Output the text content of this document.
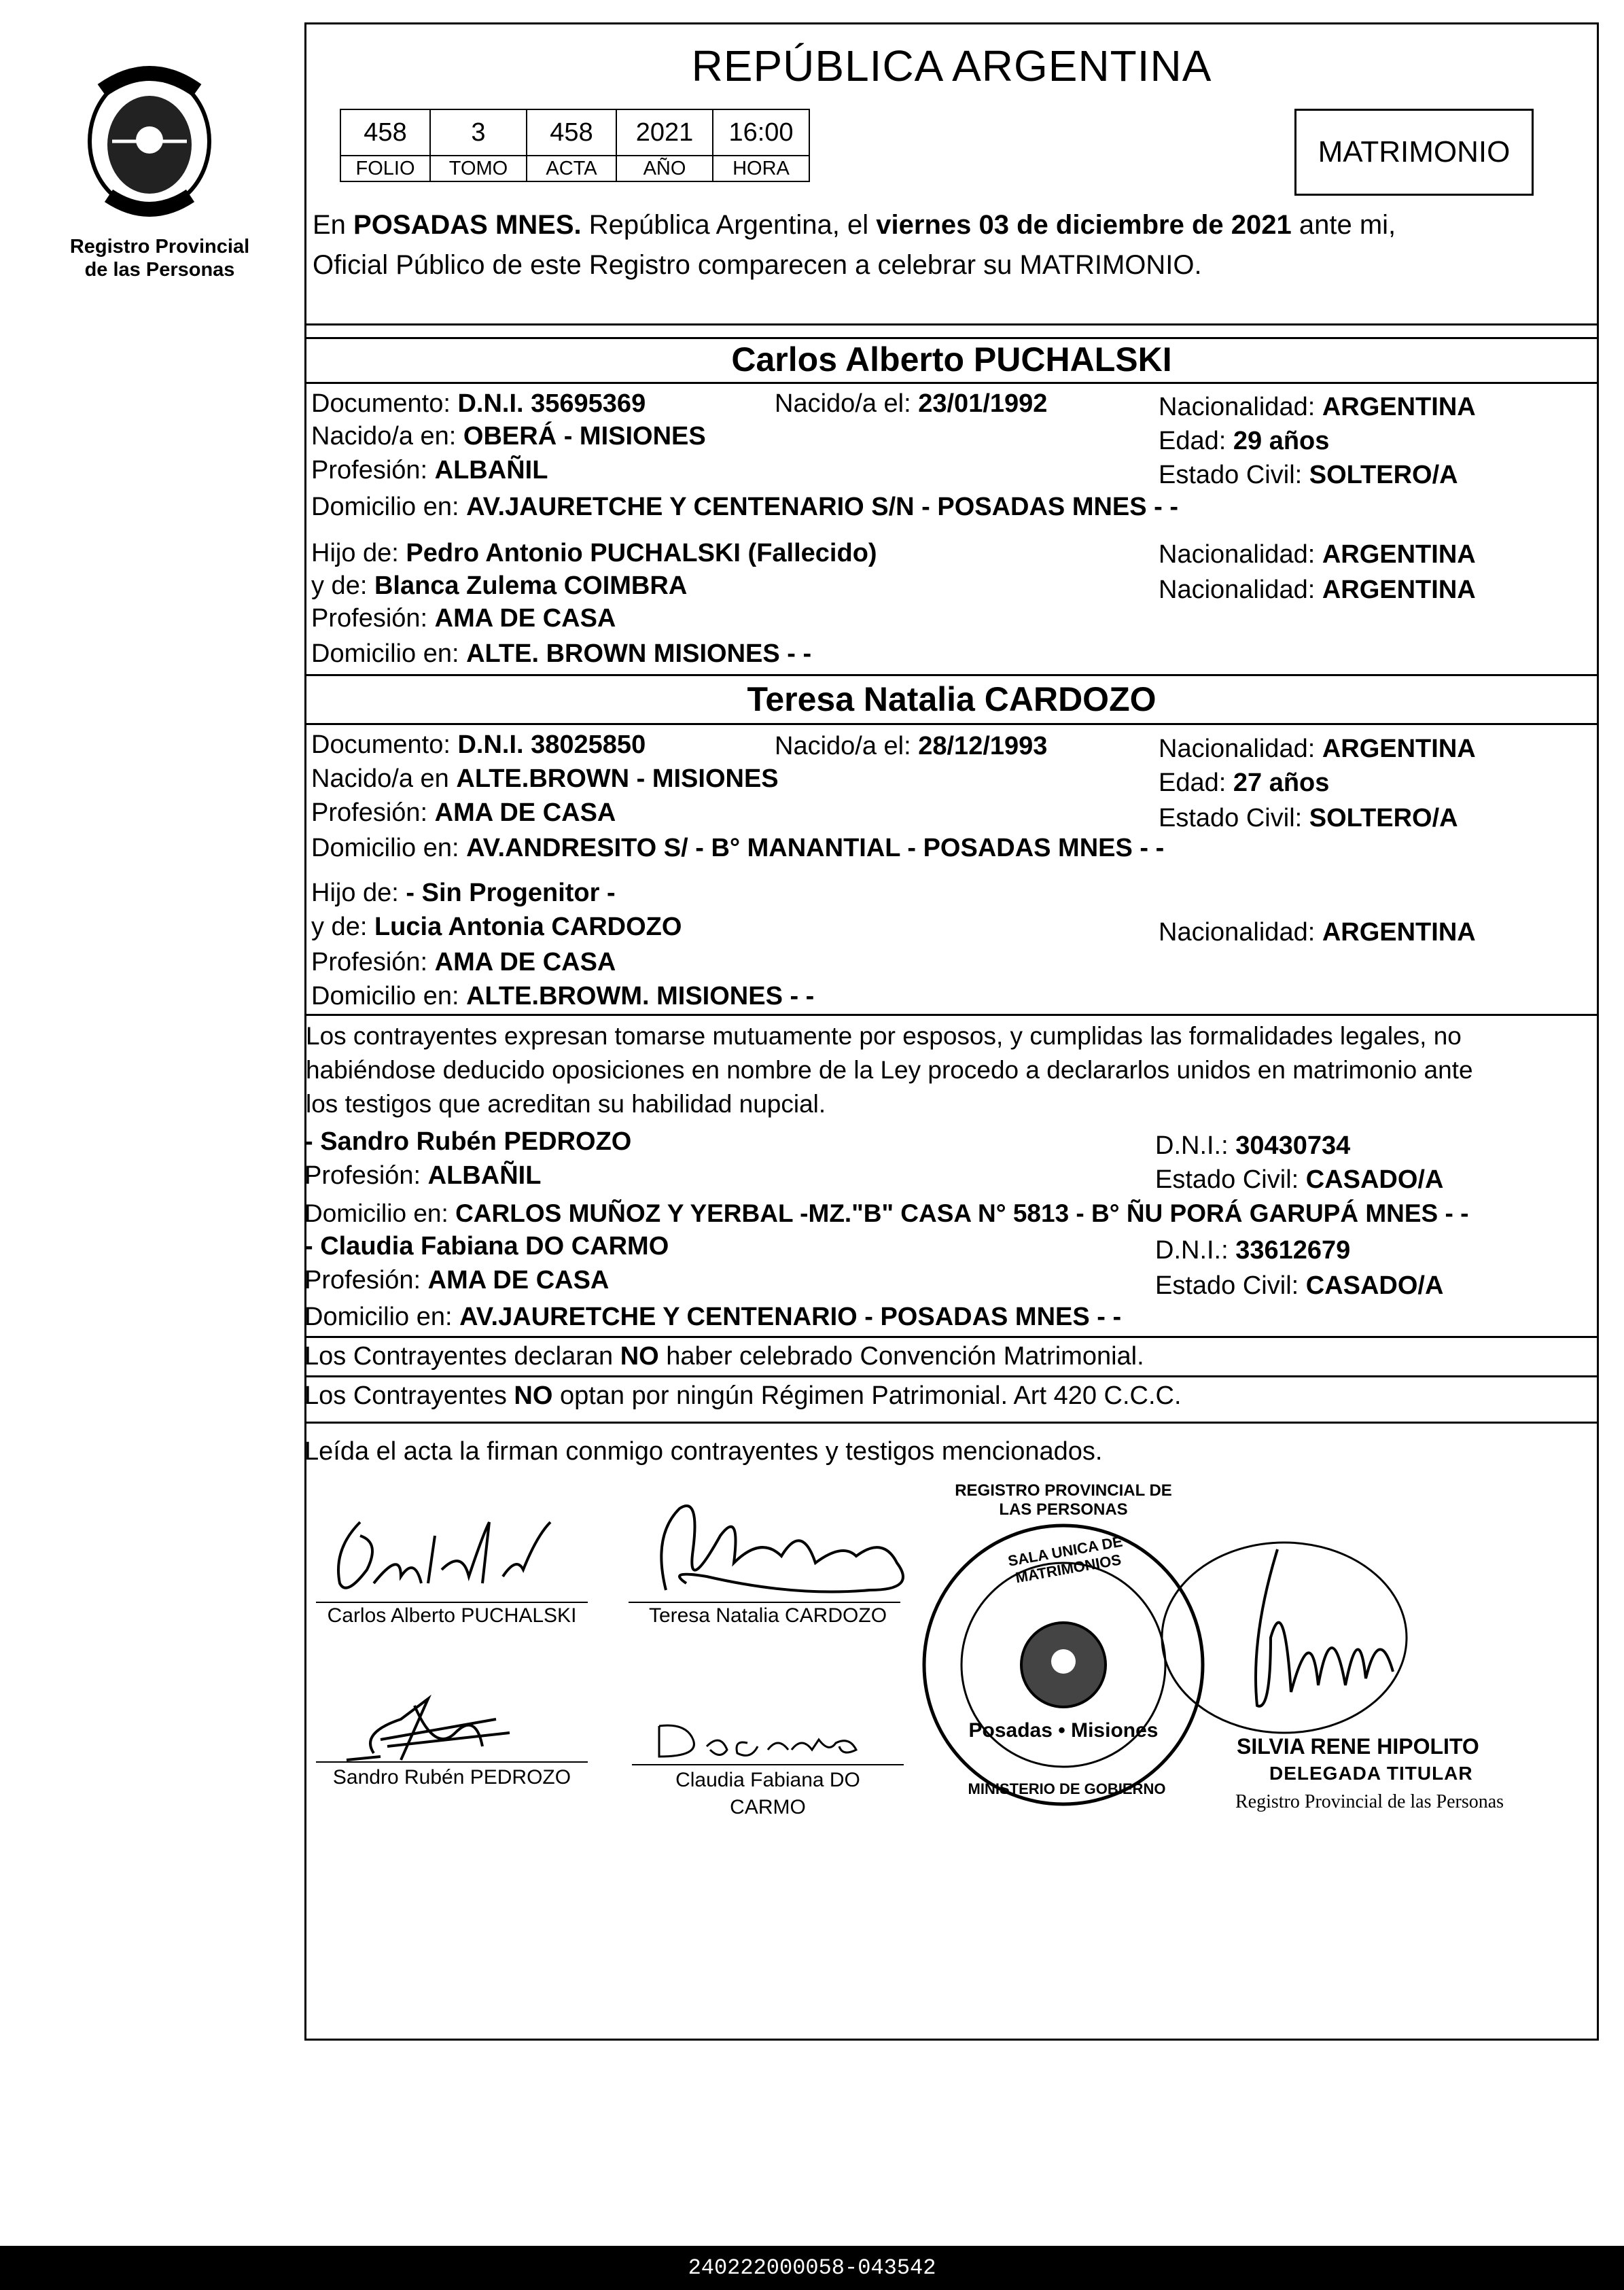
Registro Provincial
de las Personas
REPÚBLICA ARGENTINA
458	3	458	2021	16:00
FOLIO	TOMO	ACTA	AÑO	HORA	MATRIMONIO
En POSADAS MNES. República Argentina, el viernes 03 de diciembre de 2021 ante mi,
Oficial Público de este Registro comparecen a celebrar su MATRIMONIO.
Carlos Alberto PUCHALSKI
Documento: D.N.I. 35695369	Nacido/a el: 23/01/1992	Nacionalidad: ARGENTINA
Nacido/a en: OBERÁ - MISIONES	Edad: 29 años
Profesión: ALBAÑIL	Estado Civil: SOLTERO/A
Domicilio en: AV.JAURETCHE Y CENTENARIO S/N - POSADAS MNES - -
Hijo de: Pedro Antonio PUCHALSKI (Fallecido)	Nacionalidad: ARGENTINA
y de: Blanca Zulema COIMBRA	Nacionalidad: ARGENTINA
Profesión: AMA DE CASA
Domicilio en: ALTE. BROWN MISIONES - -
Teresa Natalia CARDOZO
Documento: D.N.I. 38025850	Nacido/a el: 28/12/1993	Nacionalidad: ARGENTINA
Nacido/a en ALTE.BROWN - MISIONES	Edad: 27 años
Profesión: AMA DE CASA	Estado Civil: SOLTERO/A
Domicilio en: AV.ANDRESITO S/ - B° MANANTIAL - POSADAS MNES - -
Hijo de: - Sin Progenitor -
y de: Lucia Antonia CARDOZO	Nacionalidad: ARGENTINA
Profesión: AMA DE CASA
Domicilio en: ALTE.BROWM. MISIONES - -
Los contrayentes expresan tomarse mutuamente por esposos, y cumplidas las formalidades legales, no
habiéndose deducido oposiciones en nombre de la Ley procedo a declararlos unidos en matrimonio ante
los testigos que acreditan su habilidad nupcial.
- Sandro Rubén PEDROZO	D.N.I.: 30430734
Profesión: ALBAÑIL	Estado Civil: CASADO/A
Domicilio en: CARLOS MUÑOZ Y YERBAL -MZ."B" CASA N° 5813 - B° ÑU PORÁ GARUPÁ MNES - -
- Claudia Fabiana DO CARMO	D.N.I.: 33612679
Profesión: AMA DE CASA	Estado Civil: CASADO/A
Domicilio en: AV.JAURETCHE Y CENTENARIO - POSADAS MNES - -
Los Contrayentes declaran NO haber celebrado Convención Matrimonial.
Los Contrayentes NO optan por ningún Régimen Patrimonial. Art 420 C.C.C.
Leída el acta la firman conmigo contrayentes y testigos mencionados.
Carlos Alberto PUCHALSKI	Teresa Natalia CARDOZO
Sandro Rubén PEDROZO	Claudia Fabiana DO
CARMO
Posadas • Misiones
SALA UNICA DE MATRIMONIOS
REGISTRO PROVINCIAL DE LAS PERSONAS
MINISTERIO DE GOBIERNO
SILVIA RENE HIPOLITO
DELEGADA TITULAR
Registro Provincial de las Personas
240222000058-043542
